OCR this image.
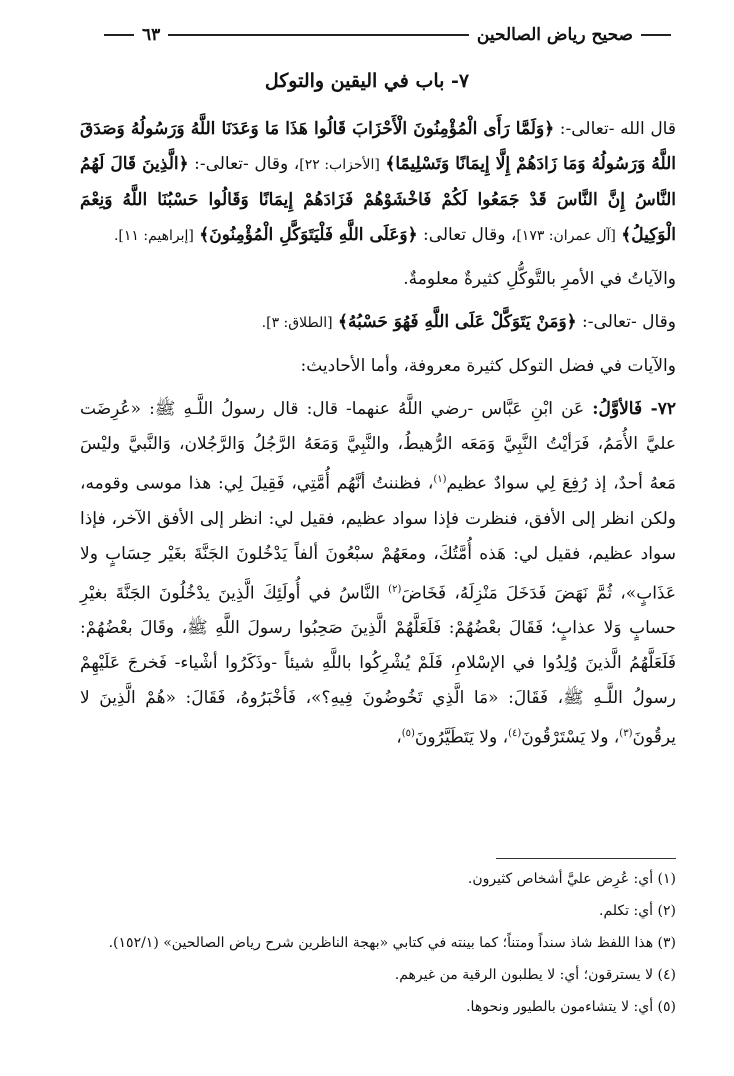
صحيح رياض الصالحين
٦٣
٧- باب في اليقين والتوكل

قال الله -تعالى-: ﴿وَلَمَّا رَأَى الْمُؤْمِنُونَ الْأَحْزَابَ قَالُوا هَذَا مَا وَعَدَنَا اللَّهُ وَرَسُولُهُ وَصَدَقَ اللَّهُ وَرَسُولُهُ وَمَا زَادَهُمْ إِلَّا إِيمَانًا وَتَسْلِيمًا﴾ [الأحزاب: ٢٢]، وقال -تعالى-: ﴿الَّذِينَ قَالَ لَهُمُ النَّاسُ إِنَّ النَّاسَ قَدْ جَمَعُوا لَكُمْ فَاخْشَوْهُمْ فَزَادَهُمْ إِيمَانًا وَقَالُوا حَسْبُنَا اللَّهُ وَنِعْمَ الْوَكِيلُ﴾ [آل عمران: ١٧٣]، وقال تعالى: ﴿وَعَلَى اللَّهِ فَلْيَتَوَكَّلِ الْمُؤْمِنُونَ﴾ [إبراهيم: ١١].

والآياتُ في الأمرِ بالتَّوكُّلِ كثيرةٌ معلومةٌ.

وقال -تعالى-: ﴿وَمَنْ يَتَوَكَّلْ عَلَى اللَّهِ فَهُوَ حَسْبُهُ﴾ [الطلاق: ٣].

والآيات في فضل التوكل كثيرة معروفة، وأما الأحاديث:

٧٢- فَالأوَّلُ: عَن ابْنِ عَبَّاس -رضي اللَّهُ عنهما- قال: قال رسولُ اللَّـهِ ﷺ: «عُرِضَت عليَّ الأُمَمُ، فَرَأيْتُ النَّبِيَّ وَمَعَه الرُّهيطُ، والنَّبِيَّ وَمَعَهُ الرَّجُلُ وَالرَّجُلان، وَالنَّبيَّ وليْسَ مَعهُ أحدٌ، إذ رُفِعَ لِي سوادٌ عظيم$^{(١)}$، فظننتُ أنَّهُم أُمَّتِي، فَقِيلَ لِي: هذا موسى وقومه، ولكن انظر إلى الأفق، فنظرت فإذا سواد عظيم، فقيل لي: انظر إلى الأفق الآخر، فإذا سواد عظيم، فقيل لي: هَذه أُمَّتُكَ، ومعَهُمْ سبْعُونَ ألفاً يَدْخُلونَ الجَنَّةَ بغَيْر حِسَابٍ ولا عَذَابٍ»، ثُمَّ نَهَضَ فَدَخَلَ مَنْزِلَهُ، فَخَاضَ$^{(٢)}$ النَّاسُ في أُولَئِكَ الَّذِينَ يدْخُلُونَ الجَنَّةَ بغيْرِ حسابٍ وَلا عذابٍ؛ فَقَالَ بعْضُهُمْ: فَلَعَلَّهُمْ الَّذِينَ صَحِبُوا رسولَ اللَّهِ ﷺ، وقَالَ بعْضُهُمْ: فَلَعَلَّهُمُ الَّذينَ وُلِدُوا في الإسْلامِ، فَلَمْ يُشْرِكُوا باللَّهِ شيئاً -وذَكَرُوا أشْياء- فَخرجَ عَلَيْهِمْ رسولُ اللَّـهِ ﷺ، فَقَالَ: «مَا الَّذِي تَخُوضُونَ فِيهِ؟»، فَأخْبَرُوهُ، فَقَالَ: «هُمْ الَّذِينَ لا يرقُونَ$^{(٣)}$، ولا يَسْتَرْقُونَ$^{(٤)}$، ولا يَتَطَيَّرُونَ$^{(٥)}$،

(١) أي: عُرِض عليَّ أشخاص كثيرون.

(٢) أي: تكلم.

(٣) هذا اللفظ شاذ سنداً ومتناً؛ كما بينته في كتابي «بهجة الناظرين شرح رياض الصالحين» (١٥٢/١).

(٤) لا يسترقون؛ أي: لا يطلبون الرقية من غيرهم.

(٥) أي: لا يتشاءمون بالطيور ونحوها.
